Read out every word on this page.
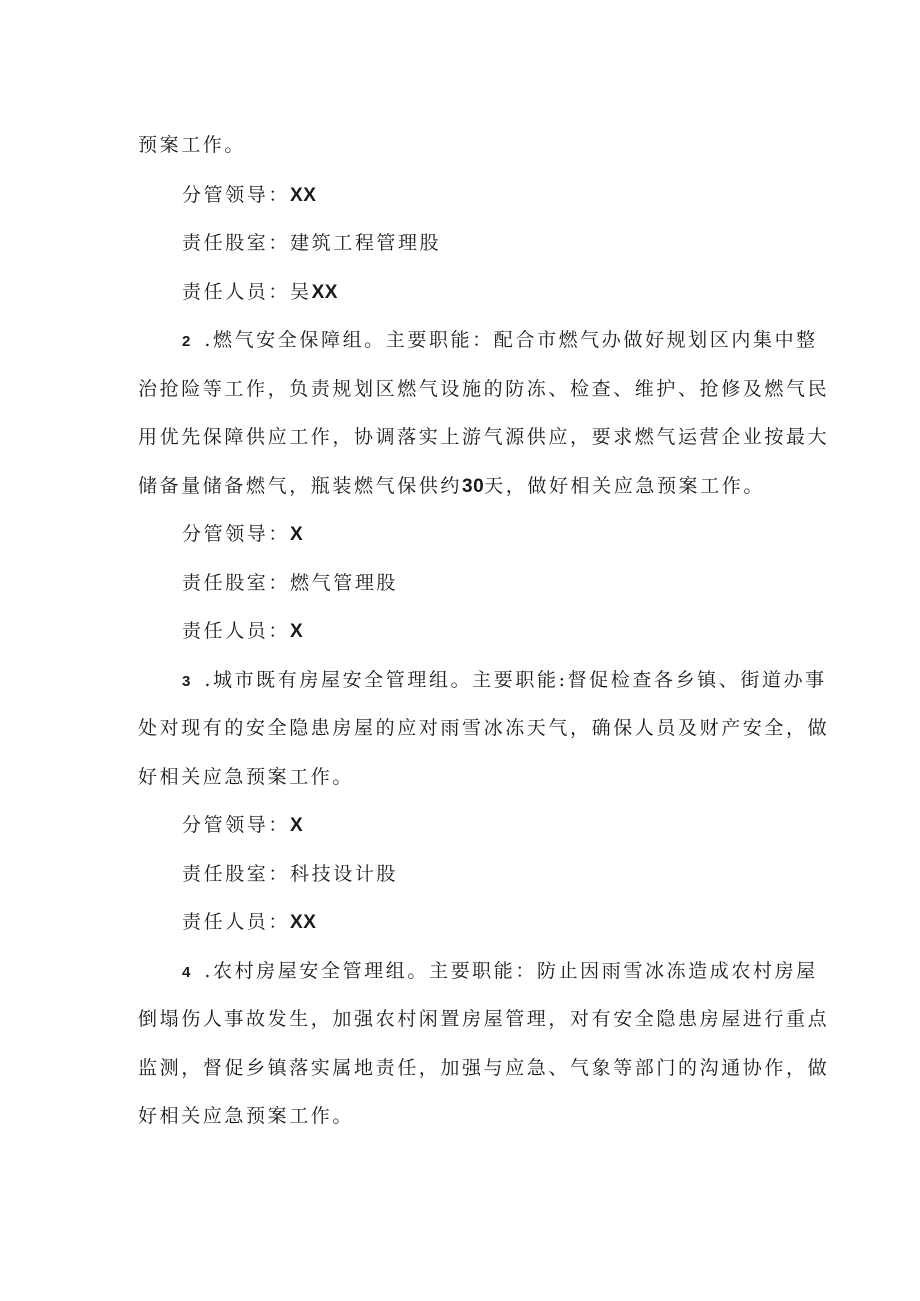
预案工作。
分管领导：XX
责任股室：建筑工程管理股
责任人员：吴XX
2 .燃气安全保障组。主要职能：配合市燃气办做好规划区内集中整
治抢险等工作，负责规划区燃气设施的防冻、检查、维护、抢修及燃气民
用优先保障供应工作，协调落实上游气源供应，要求燃气运营企业按最大
储备量储备燃气，瓶装燃气保供约30天，做好相关应急预案工作。
分管领导：X
责任股室：燃气管理股
责任人员：X
3 .城市既有房屋安全管理组。主要职能:督促检查各乡镇、街道办事
处对现有的安全隐患房屋的应对雨雪冰冻天气，确保人员及财产安全，做
好相关应急预案工作。
分管领导：X
责任股室：科技设计股
责任人员：XX
4 .农村房屋安全管理组。主要职能：防止因雨雪冰冻造成农村房屋
倒塌伤人事故发生，加强农村闲置房屋管理，对有安全隐患房屋进行重点
监测，督促乡镇落实属地责任，加强与应急、气象等部门的沟通协作，做
好相关应急预案工作。
